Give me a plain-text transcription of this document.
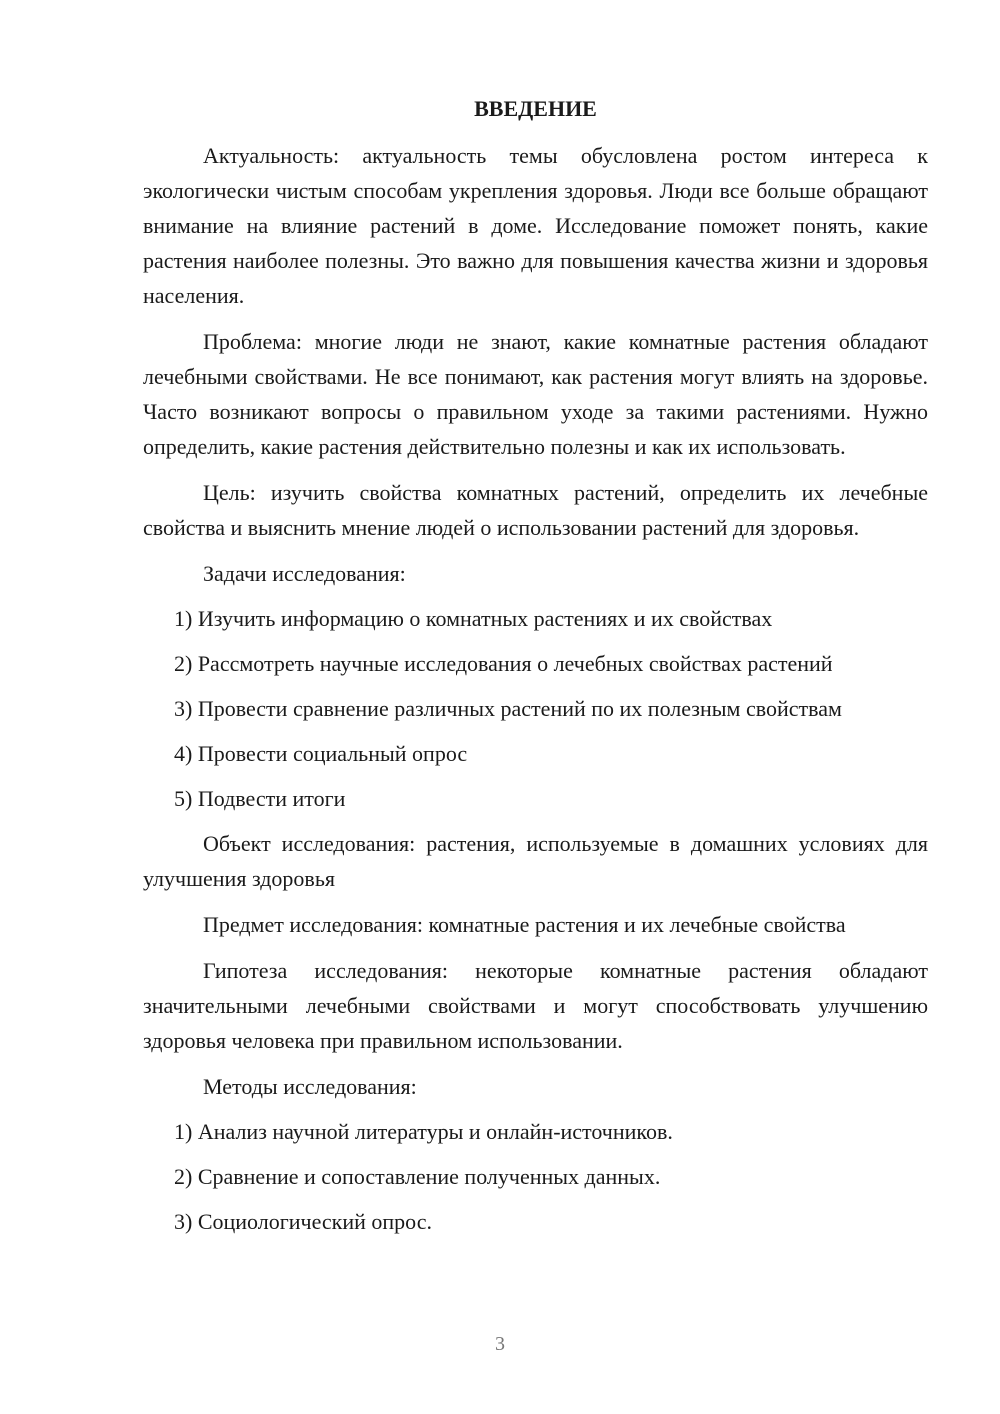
ВВЕДЕНИЕ

Актуальность: актуальность темы обусловлена ростом интереса к экологически чистым способам укрепления здоровья. Люди все больше обращают внимание на влияние растений в доме. Исследование поможет понять, какие растения наиболее полезны. Это важно для повышения качества жизни и здоровья населения.

Проблема: многие люди не знают, какие комнатные растения обладают лечебными свойствами. Не все понимают, как растения могут влиять на здоровье. Часто возникают вопросы о правильном уходе за такими растениями. Нужно определить, какие растения действительно полезны и как их использовать.

Цель: изучить свойства комнатных растений, определить их лечебные свойства и выяснить мнение людей о использовании растений для здоровья.

Задачи исследования:

1) Изучить информацию о комнатных растениях и их свойствах
2) Рассмотреть научные исследования о лечебных свойствах растений
3) Провести сравнение различных растений по их полезным свойствам
4) Провести социальный опрос
5) Подвести итоги

Объект исследования: растения, используемые в домашних условиях для улучшения здоровья

Предмет исследования: комнатные растения и их лечебные свойства

Гипотеза исследования: некоторые комнатные растения обладают значительными лечебными свойствами и могут способствовать улучшению здоровья человека при правильном использовании.

Методы исследования:

1) Анализ научной литературы и онлайн-источников.
2) Сравнение и сопоставление полученных данных.
3) Социологический опрос.
3
